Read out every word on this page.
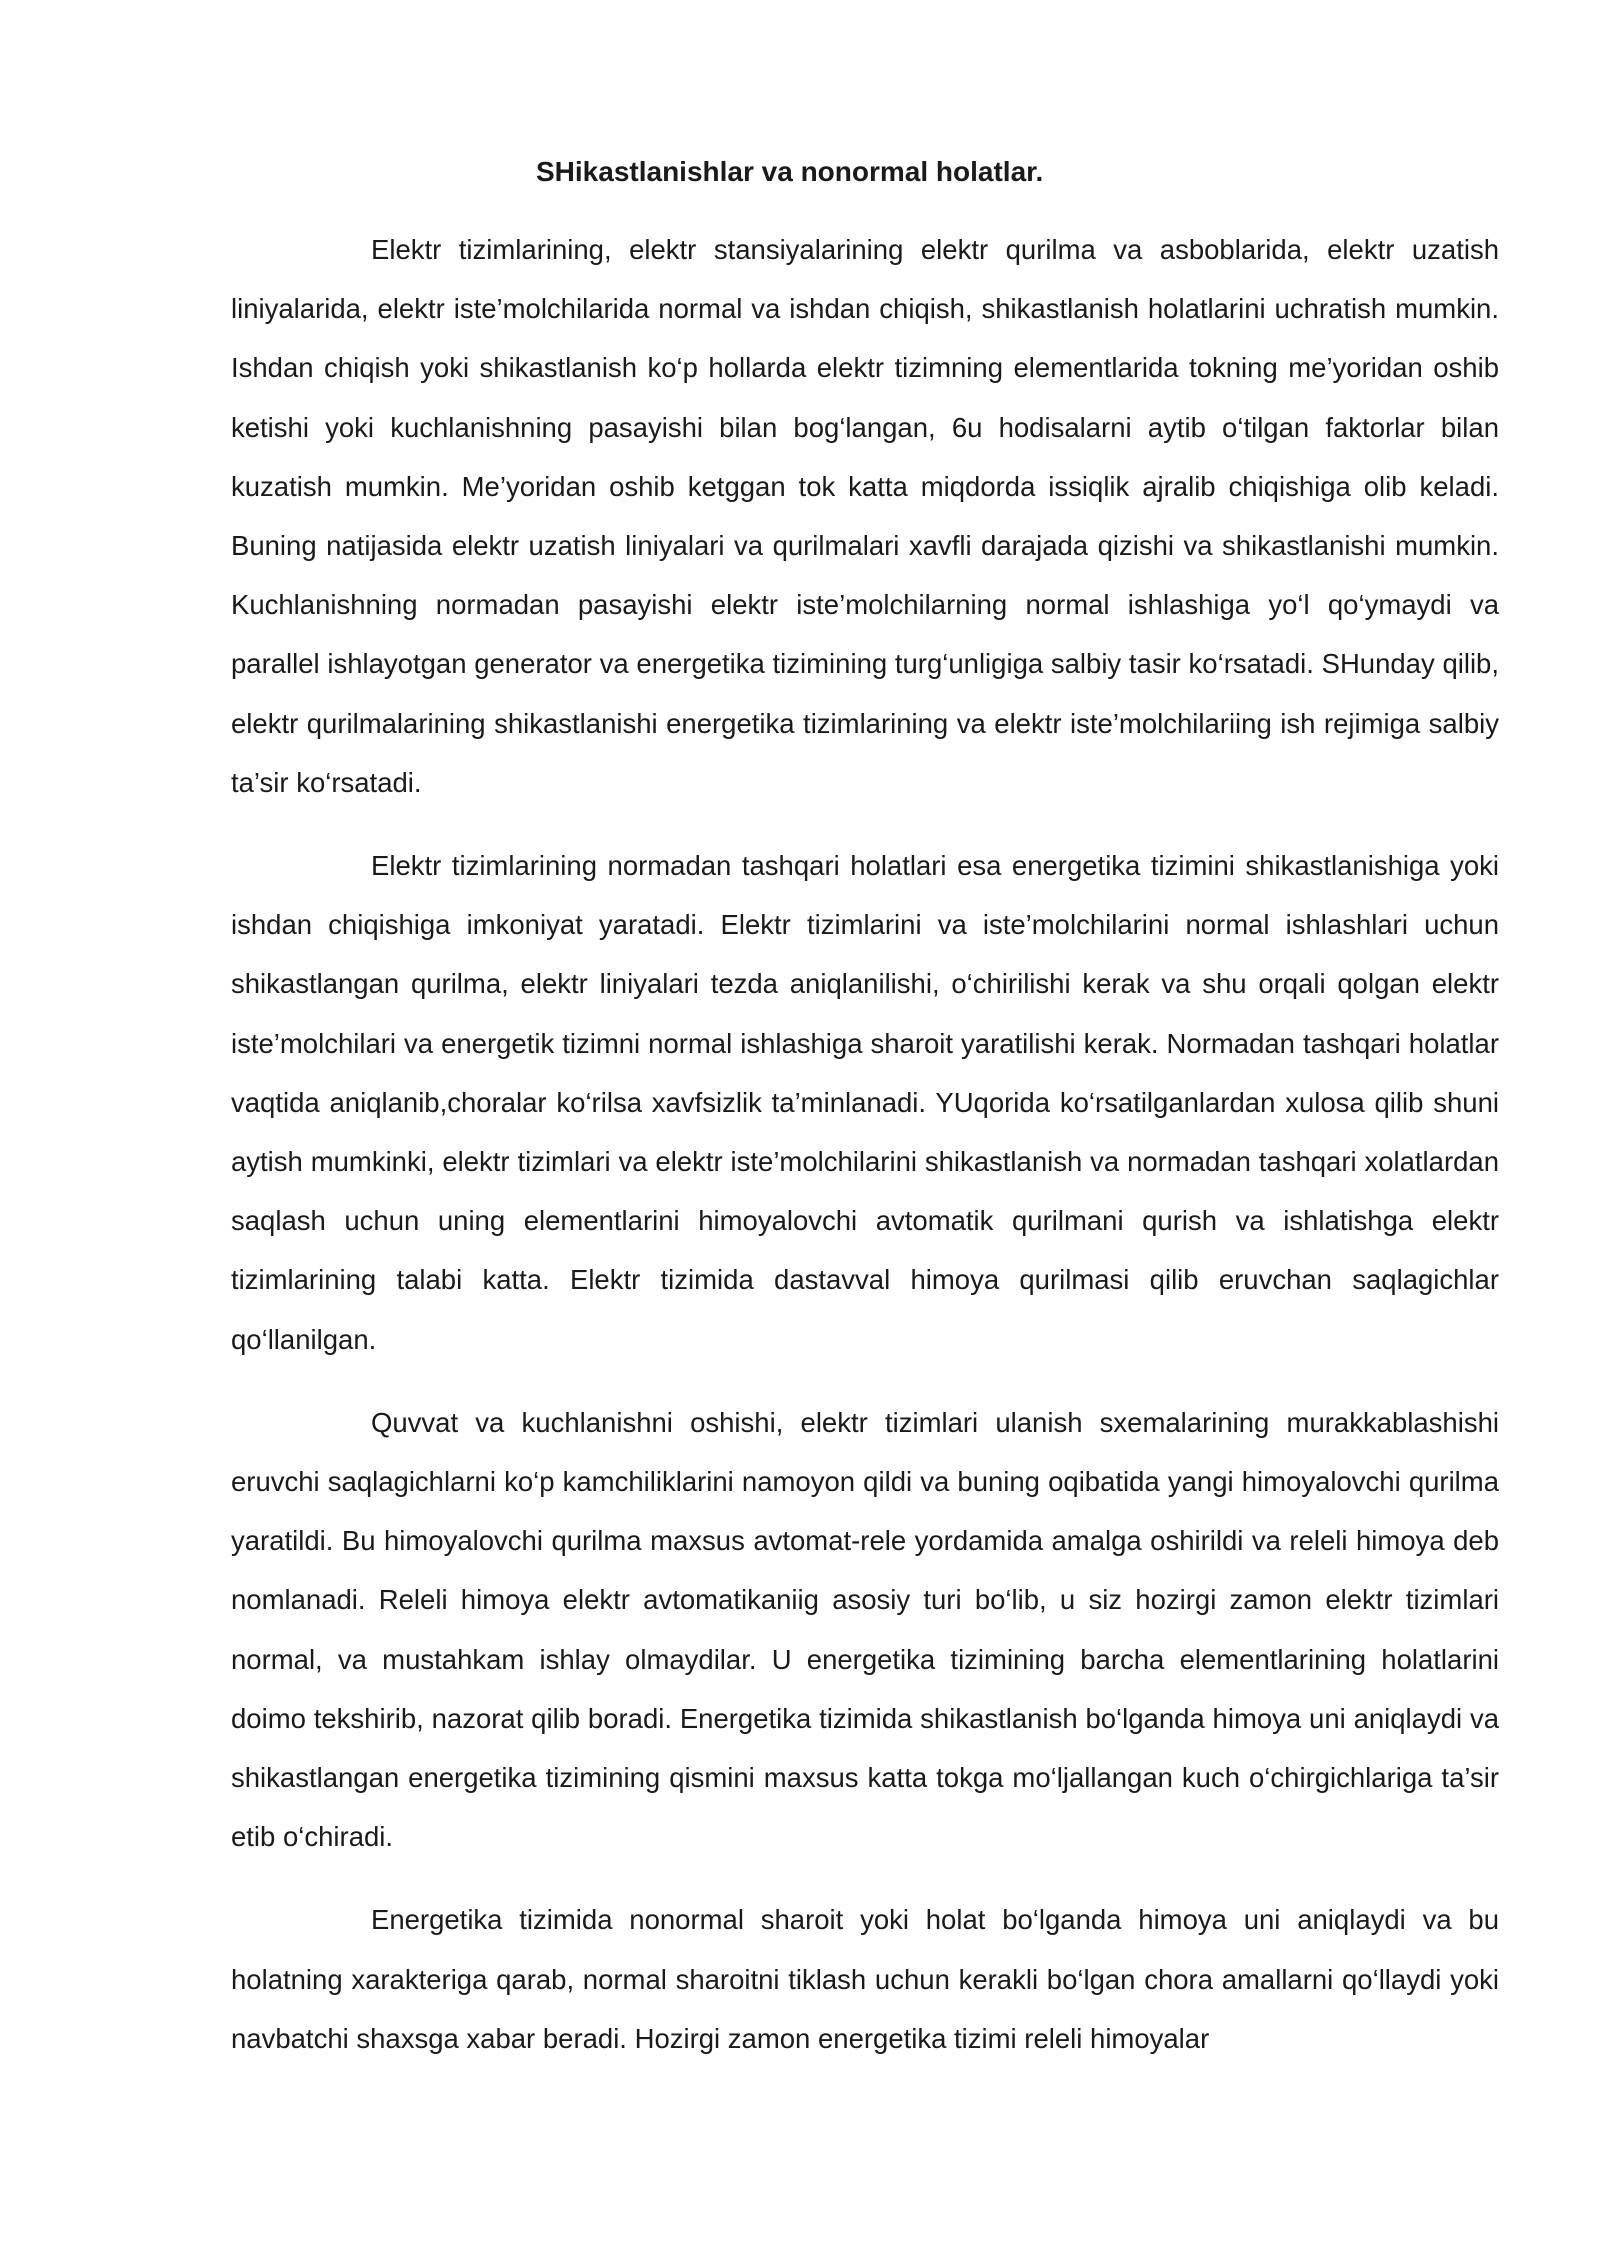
SHikastlanishlar va nonormal holatlar.

Elektr tizimlarining, elektr stansiyalarining elektr qurilma va asboblarida, elektr uzatish liniyalarida, elektr iste’molchilarida normal va ishdan chiqish, shikastlanish holatlarini uchratish mumkin. Ishdan chiqish yoki shikastlanish ko‘p hollarda elektr tizimning elementlarida tokning me’yoridan oshib ketishi yoki kuchlanishning pasayishi bilan bog‘langan, 6u hodisalarni aytib o‘tilgan faktorlar bilan kuzatish mumkin. Me’yoridan oshib ketggan tok katta miqdorda issiqlik ajralib chiqishiga olib keladi. Buning natijasida elektr uzatish liniyalari va qurilmalari xavfli darajada qizishi va shikastlanishi mumkin. Kuchlanishning normadan pasayishi elektr iste’molchilarning normal ishlashiga yo‘l qo‘ymaydi va parallel ishlayotgan generator va energetika tizimining turg‘unligiga salbiy tasir ko‘rsatadi. SHunday qilib, elektr qurilmalarining shikastlanishi energetika tizimlarining va elektr iste’molchilariing ish rejimiga salbiy ta’sir ko‘rsatadi.

Elektr tizimlarining normadan tashqari holatlari esa energetika tizimini shikastlanishiga yoki ishdan chiqishiga imkoniyat yaratadi. Elektr tizimlarini va iste’molchilarini normal ishlashlari uchun shikastlangan qurilma, elektr liniyalari tezda aniqlanilishi, o‘chirilishi kerak va shu orqali qolgan elektr iste’molchilari va energetik tizimni normal ishlashiga sharoit yaratilishi kerak. Normadan tashqari holatlar vaqtida aniqlanib,choralar ko‘rilsa xavfsizlik ta’minlanadi. YUqorida ko‘rsatilganlardan xulosa qilib shuni aytish mumkinki, elektr tizimlari va elektr iste’molchilarini shikastlanish va normadan tashqari xolatlardan saqlash uchun uning elementlarini himoyalovchi avtomatik qurilmani qurish va ishlatishga elektr tizimlarining talabi katta. Elektr tizimida dastavval himoya qurilmasi qilib eruvchan saqlagichlar qo‘llanilgan.

Quvvat va kuchlanishni oshishi, elektr tizimlari ulanish sxemalarining murakkablashishi eruvchi saqlagichlarni ko‘p kamchiliklarini namoyon qildi va buning oqibatida yangi himoyalovchi qurilma yaratildi. Bu himoyalovchi qurilma maxsus avtomat-rele yordamida amalga oshirildi va releli himoya deb nomlanadi. Releli himoya elektr avtomatikaniig asosiy turi bo‘lib, u siz hozirgi zamon elektr tizimlari normal, va mustahkam ishlay olmaydilar. U energetika tizimining barcha elementlarining holatlarini doimo tekshirib, nazorat qilib boradi. Energetika tizimida shikastlanish bo‘lganda himoya uni aniqlaydi va shikastlangan energetika tizimining qismini maxsus katta tokga mo‘ljallangan kuch o‘chirgichlariga ta’sir etib o‘chiradi.

Energetika tizimida nonormal sharoit yoki holat bo‘lganda himoya uni aniqlaydi va bu holatning xarakteriga qarab, normal sharoitni tiklash uchun kerakli bo‘lgan chora amallarni qo‘llaydi yoki navbatchi shaxsga xabar beradi. Hozirgi zamon energetika tizimi releli himoyalar
